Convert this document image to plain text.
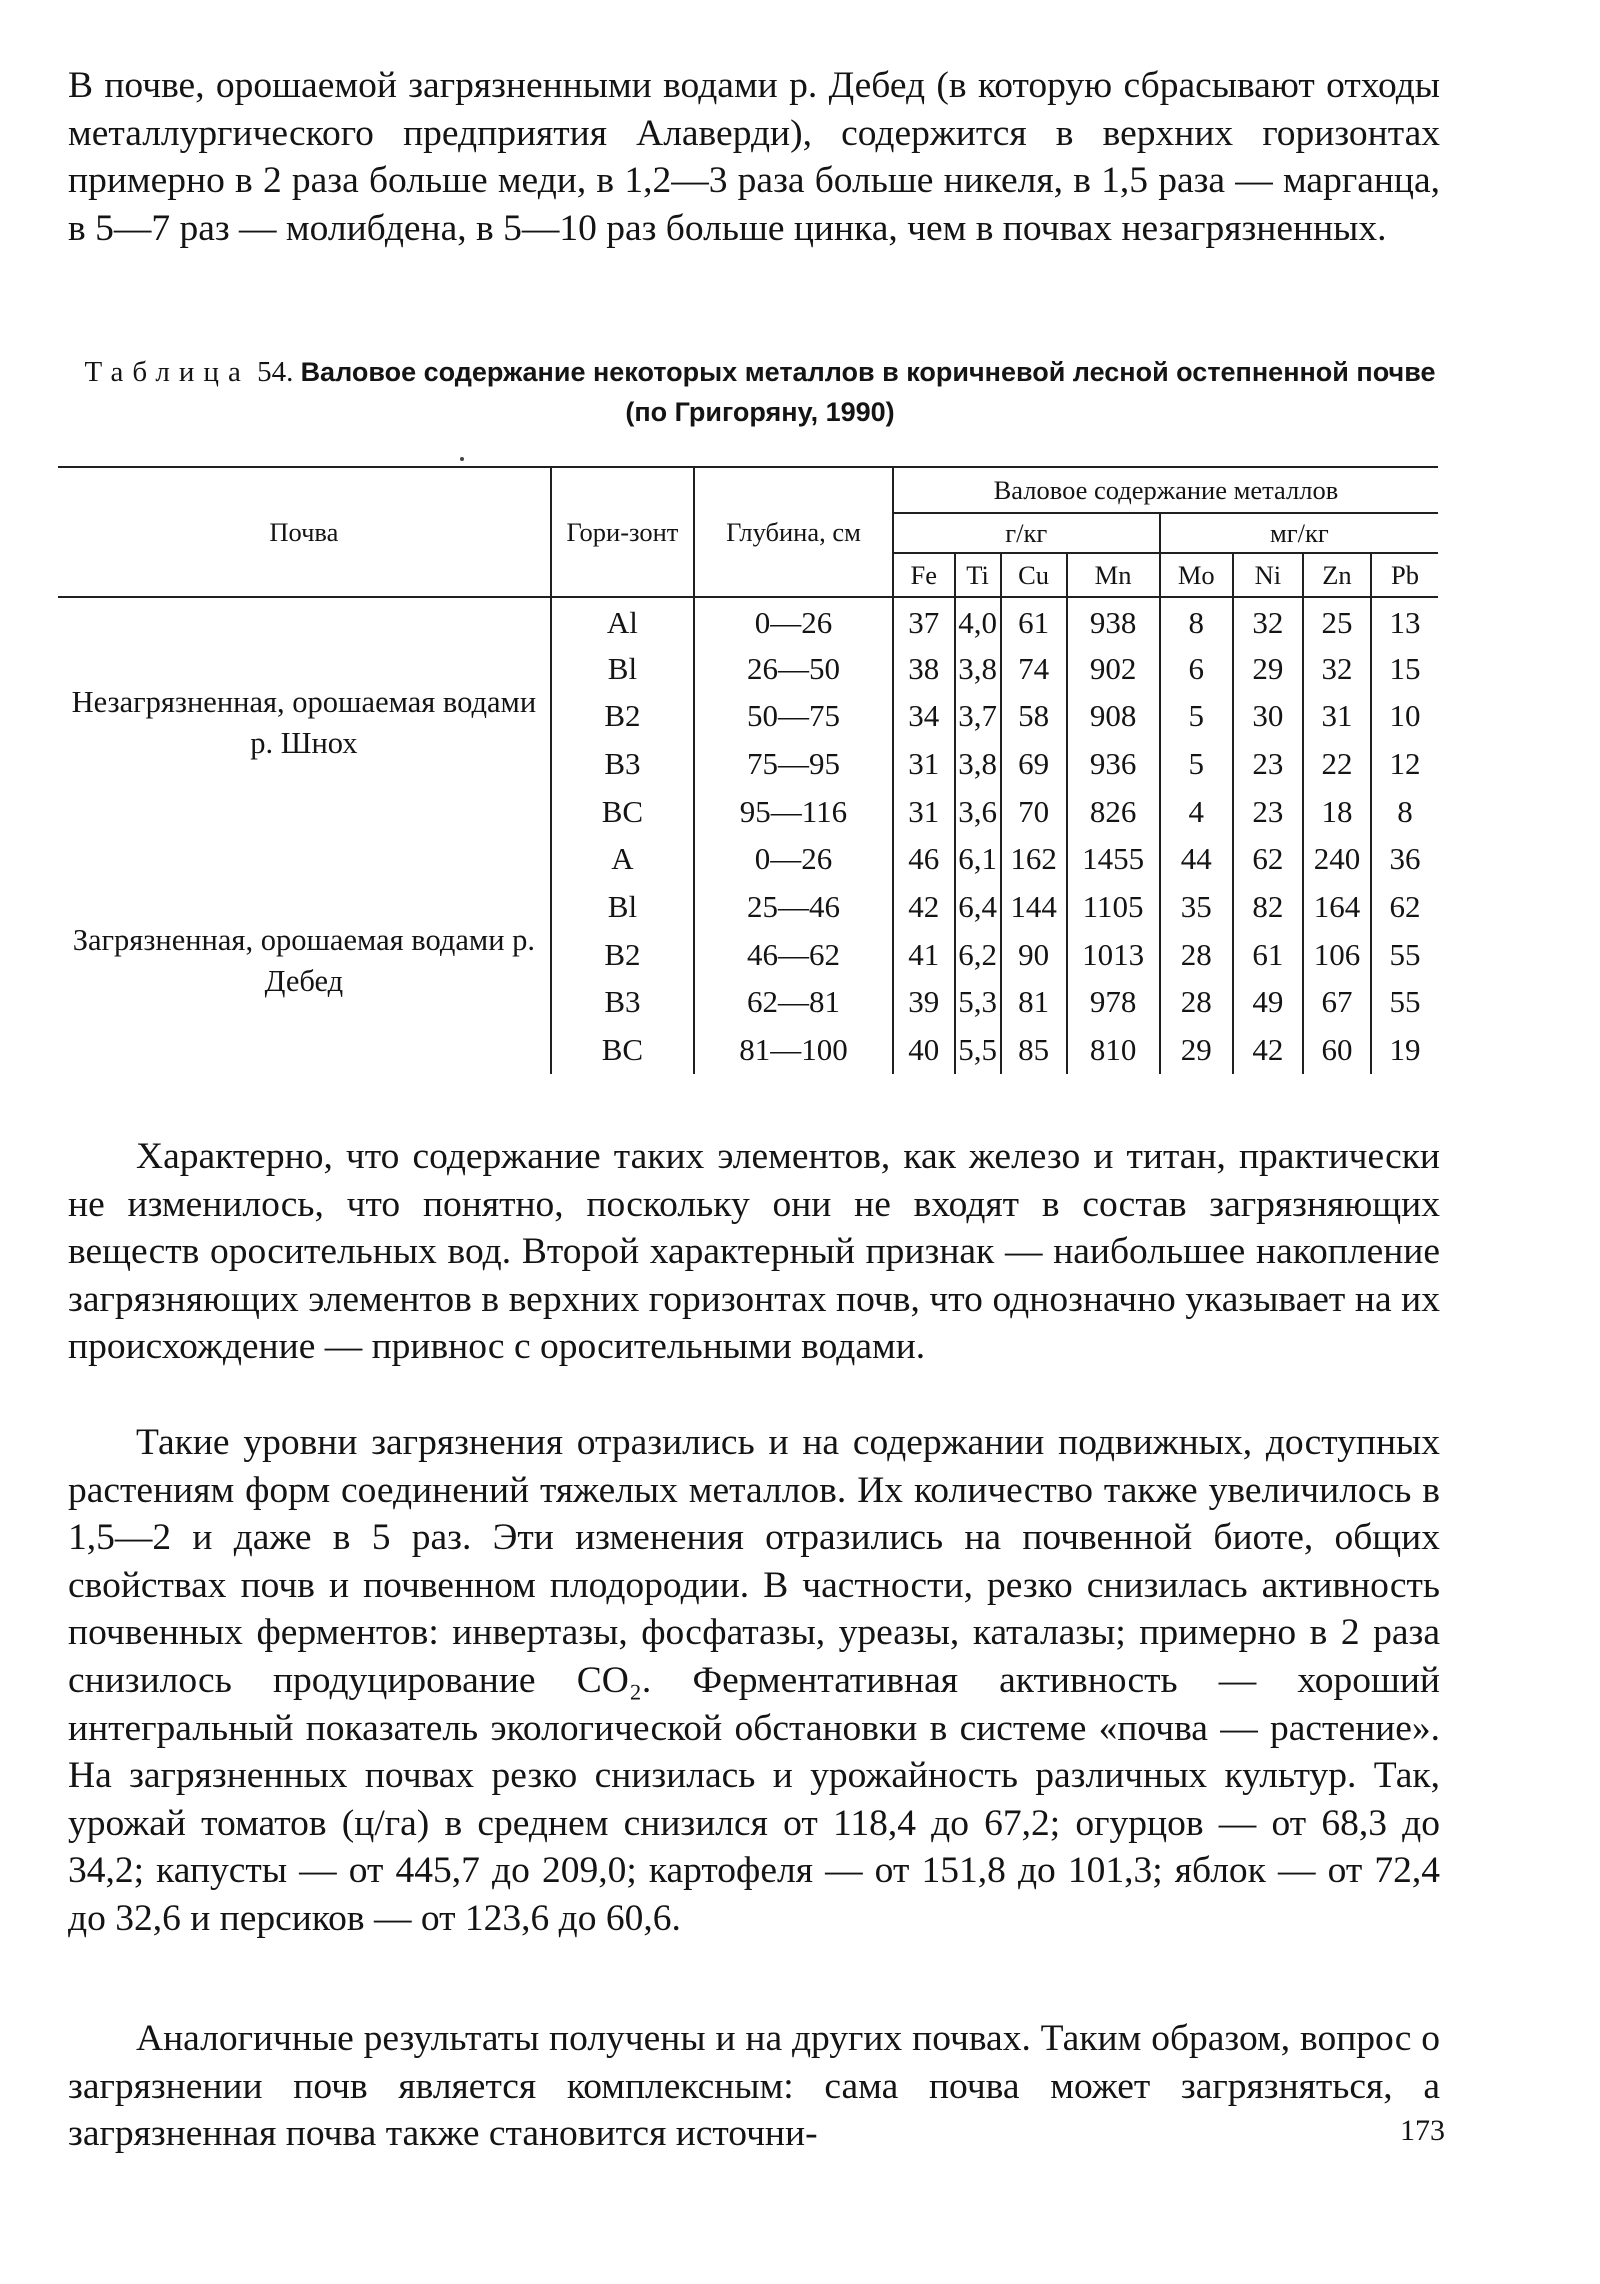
В почве, орошаемой загрязненными водами р. Дебед (в которую сбрасывают отходы металлургического предприятия Алаверди), содержится в верхних горизонтах примерно в 2 раза больше меди, в 1,2—3 раза больше никеля, в 1,5 раза — марганца, в 5—7 раз — молибдена, в 5—10 раз больше цинка, чем в почвах незагрязненных.

Таблица 54. Валовое содержание некоторых металлов в коричневой лесной остепненной почве (по Григоряну, 1990)
Почва	Гори-зонт	Глубина, см	Валовое содержание металлов							
			г/кг				мг/кг			
			Fe	Ti	Cu	Mn	Mo	Ni	Zn	Pb
Незагрязненная, орошаемая водами р. Шнох	Al	0—26	37	4,0	61	938	8	32	25	13
	Bl	26—50	38	3,8	74	902	6	29	32	15
	B2	50—75	34	3,7	58	908	5	30	31	10
	B3	75—95	31	3,8	69	936	5	23	22	12
	BC	95—116	31	3,6	70	826	4	23	18	8
Загрязненная, орошаемая водами р. Дебед	A	0—26	46	6,1	162	1455	44	62	240	36
	Bl	25—46	42	6,4	144	1105	35	82	164	62
	B2	46—62	41	6,2	90	1013	28	61	106	55
	B3	62—81	39	5,3	81	978	28	49	67	55
	BC	81—100	40	5,5	85	810	29	42	60	19

Характерно, что содержание таких элементов, как железо и титан, практически не изменилось, что понятно, поскольку они не входят в состав загрязняющих веществ оросительных вод. Второй характерный признак — наибольшее накопление загрязняющих элементов в верхних горизонтах почв, что однозначно указывает на их происхождение — привнос с оросительными водами.

Такие уровни загрязнения отразились и на содержании подвижных, доступных растениям форм соединений тяжелых металлов. Их количество также увеличилось в 1,5—2 и даже в 5 раз. Эти изменения отразились на почвенной биоте, общих свойствах почв и почвенном плодородии. В частности, резко снизилась активность почвенных ферментов: инвертазы, фосфатазы, уреазы, каталазы; примерно в 2 раза снизилось продуцирование CO₂. Ферментативная активность — хороший интегральный показатель экологической обстановки в системе «почва — растение». На загрязненных почвах резко снизилась и урожайность различных культур. Так, урожай томатов (ц/га) в среднем снизился от 118,4 до 67,2; огурцов — от 68,3 до 34,2; капусты — от 445,7 до 209,0; картофеля — от 151,8 до 101,3; яблок — от 72,4 до 32,6 и персиков — от 123,6 до 60,6.

Аналогичные результаты получены и на других почвах. Таким образом, вопрос о загрязнении почв является комплексным: сама почва может загрязняться, а загрязненная почва также становится источни-	173
